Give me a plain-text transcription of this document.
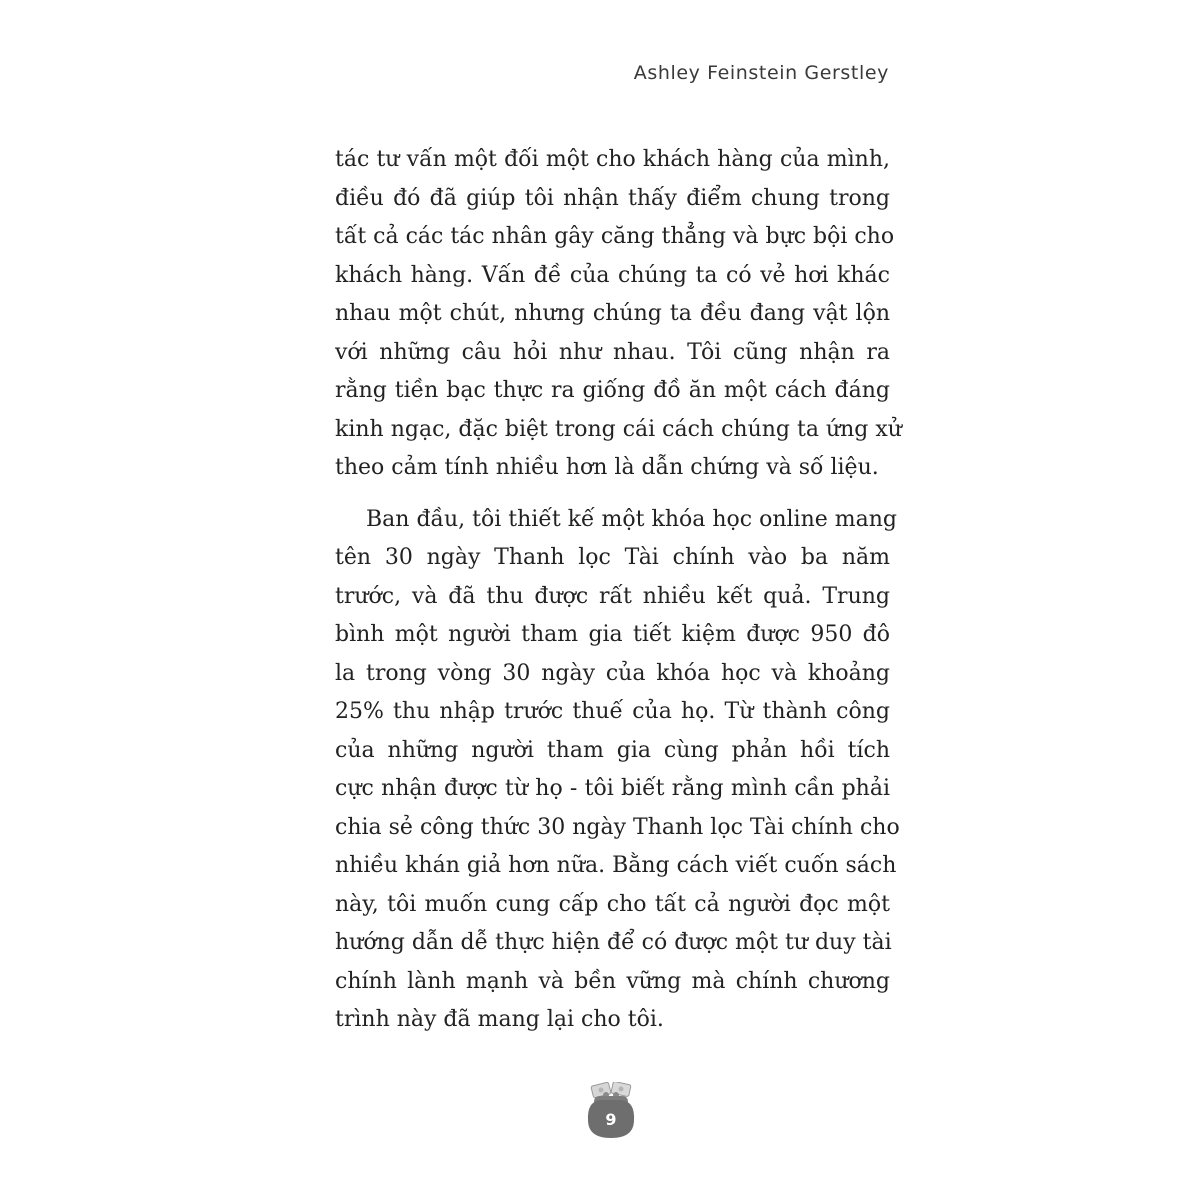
Ashley Feinstein Gerstley
tác tư vấn một đối một cho khách hàng của mình,
điều đó đã giúp tôi nhận thấy điểm chung trong
tất cả các tác nhân gây căng thẳng và bực bội cho
khách hàng. Vấn đề của chúng ta có vẻ hơi khác
nhau một chút, nhưng chúng ta đều đang vật lộn
với những câu hỏi như nhau. Tôi cũng nhận ra
rằng tiền bạc thực ra giống đồ ăn một cách đáng
kinh ngạc, đặc biệt trong cái cách chúng ta ứng xử
theo cảm tính nhiều hơn là dẫn chứng và số liệu.
Ban đầu, tôi thiết kế một khóa học online mang
tên 30 ngày Thanh lọc Tài chính vào ba năm
trước, và đã thu được rất nhiều kết quả. Trung
bình một người tham gia tiết kiệm được 950 đô
la trong vòng 30 ngày của khóa học và khoảng
25% thu nhập trước thuế của họ. Từ thành công
của những người tham gia cùng phản hồi tích
cực nhận được từ họ - tôi biết rằng mình cần phải
chia sẻ công thức 30 ngày Thanh lọc Tài chính cho
nhiều khán giả hơn nữa. Bằng cách viết cuốn sách
này, tôi muốn cung cấp cho tất cả người đọc một
hướng dẫn dễ thực hiện để có được một tư duy tài
chính lành mạnh và bền vững mà chính chương
trình này đã mang lại cho tôi.
9
